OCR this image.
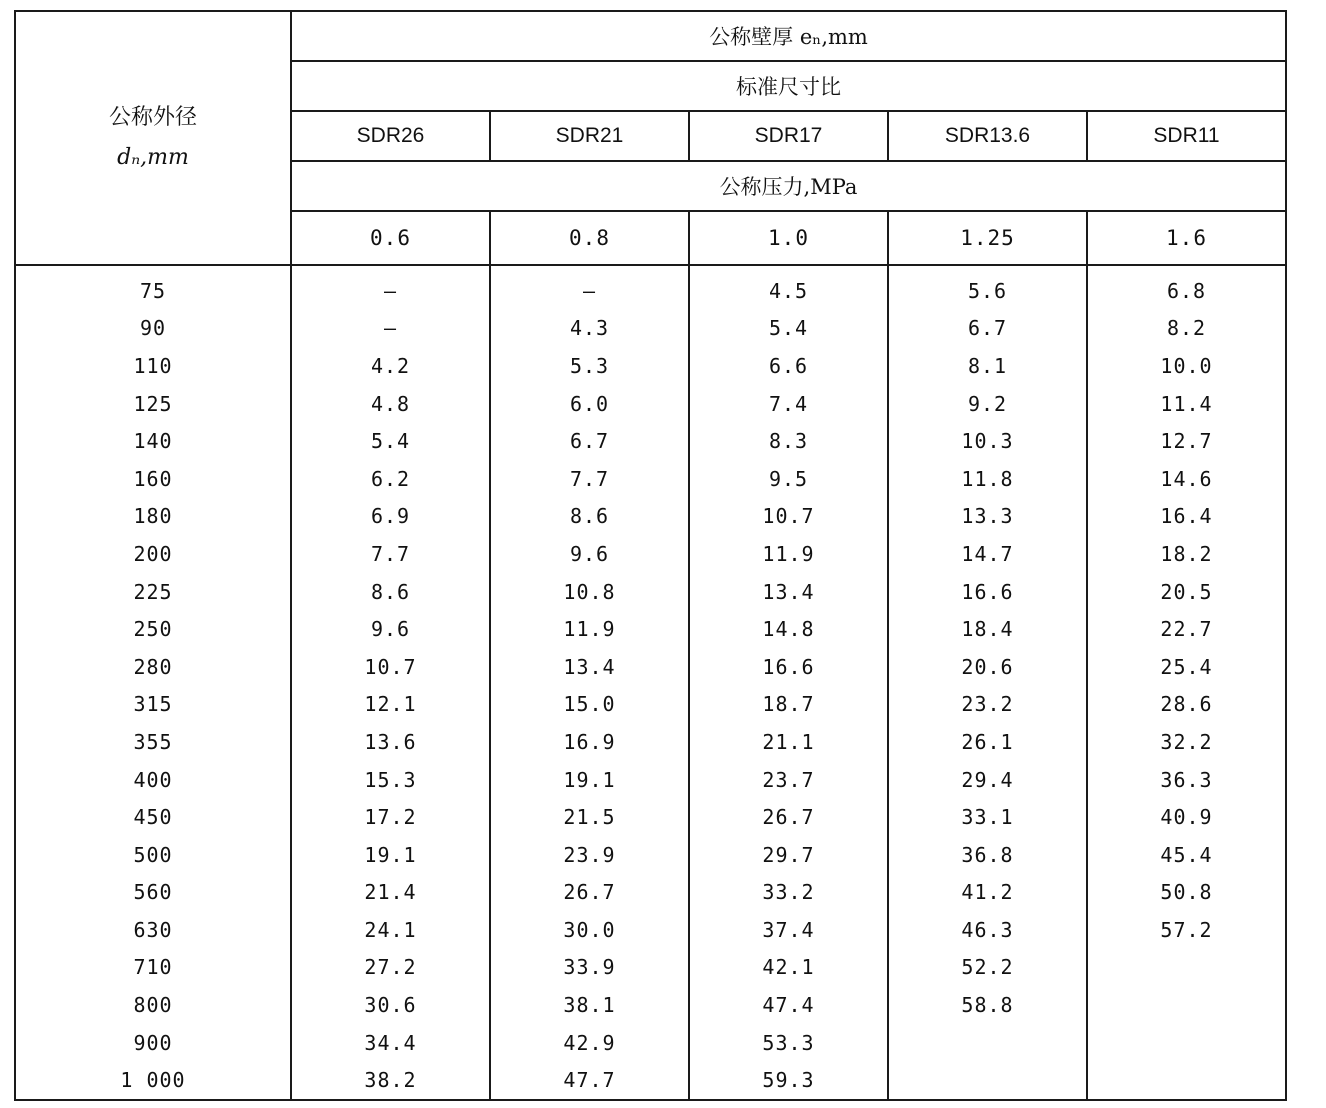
公称外径
dₙ,mm	公称壁厚 eₙ,mm				
	标准尺寸比				
	SDR26	SDR21	SDR17	SDR13.6	SDR11
	公称压力,MPa				
	0.6	0.8	1.0	1.25	1.6
75	—	—	4.5	5.6	6.8
90	—	4.3	5.4	6.7	8.2
110	4.2	5.3	6.6	8.1	10.0
125	4.8	6.0	7.4	9.2	11.4
140	5.4	6.7	8.3	10.3	12.7
160	6.2	7.7	9.5	11.8	14.6
180	6.9	8.6	10.7	13.3	16.4
200	7.7	9.6	11.9	14.7	18.2
225	8.6	10.8	13.4	16.6	20.5
250	9.6	11.9	14.8	18.4	22.7
280	10.7	13.4	16.6	20.6	25.4
315	12.1	15.0	18.7	23.2	28.6
355	13.6	16.9	21.1	26.1	32.2
400	15.3	19.1	23.7	29.4	36.3
450	17.2	21.5	26.7	33.1	40.9
500	19.1	23.9	29.7	36.8	45.4
560	21.4	26.7	33.2	41.2	50.8
630	24.1	30.0	37.4	46.3	57.2
710	27.2	33.9	42.1	52.2	
800	30.6	38.1	47.4	58.8	
900	34.4	42.9	53.3		
1 000	38.2	47.7	59.3		
